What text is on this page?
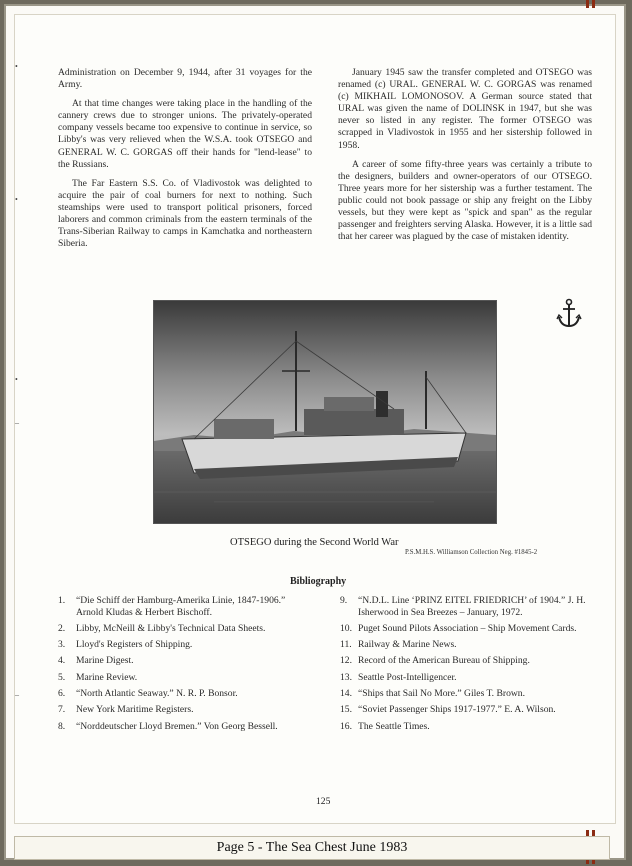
•
•
•
–
–

Administration on December 9, 1944, after 31 voyages for the Army.

At that time changes were taking place in the handling of the cannery crews due to stronger unions. The privately-operated company vessels became too expensive to continue in service, so Libby's was very relieved when the W.S.A. took OTSEGO and GENERAL W. C. GORGAS off their hands for "lend-lease" to the Russians.

The Far Eastern S.S. Co. of Vladivostok was delighted to acquire the pair of coal burners for next to nothing. Such steamships were used to transport political prisoners, forced laborers and common criminals from the eastern terminals of the Trans-Siberian Railway to camps in Kamchatka and northeastern Siberia.

January 1945 saw the transfer completed and OTSEGO was renamed (c) URAL. GENERAL W. C. GORGAS was renamed (c) MIKHAIL LOMONOSOV. A German source stated that URAL was given the name of DOLINSK in 1947, but she was never so listed in any register. The former OTSEGO was scrapped in Vladivostok in 1955 and her sistership followed in 1958.

A career of some fifty-three years was certainly a tribute to the designers, builders and owner-operators of our OTSEGO. Three years more for her sistership was a further testament. The public could not book passage or ship any freight on the Libby vessels, but they were kept as "spick and span" as the regular passenger and freighters serving Alaska. However, it is a little sad that her career was plagued by the case of mistaken identity.

OTSEGO during the Second World War
P.S.M.H.S. Williamson Collection Neg. #1845-2
Bibliography
1. “Die Schiff der Hamburg-Amerika Linie, 1847-1906.” Arnold Kludas & Herbert Bischoff.
2. Libby, McNeill & Libby's Technical Data Sheets.
3. Lloyd's Registers of Shipping.
4. Marine Digest.
5. Marine Review.
6. “North Atlantic Seaway.” N. R. P. Bonsor.
7. New York Maritime Registers.
8. “Norddeutscher Lloyd Bremen.” Von Georg Bessell.
9. “N.D.L. Line ‘PRINZ EITEL FRIEDRICH’ of 1904.” J. H. Isherwood in Sea Breezes – January, 1972.
10. Puget Sound Pilots Association – Ship Movement Cards.
11. Railway & Marine News.
12. Record of the American Bureau of Shipping.
13. Seattle Post-Intelligencer.
14. “Ships that Sail No More.” Giles T. Brown.
15. “Soviet Passenger Ships 1917-1977.” E. A. Wilson.
16. The Seattle Times.
125
Page 5 - The Sea Chest June 1983
